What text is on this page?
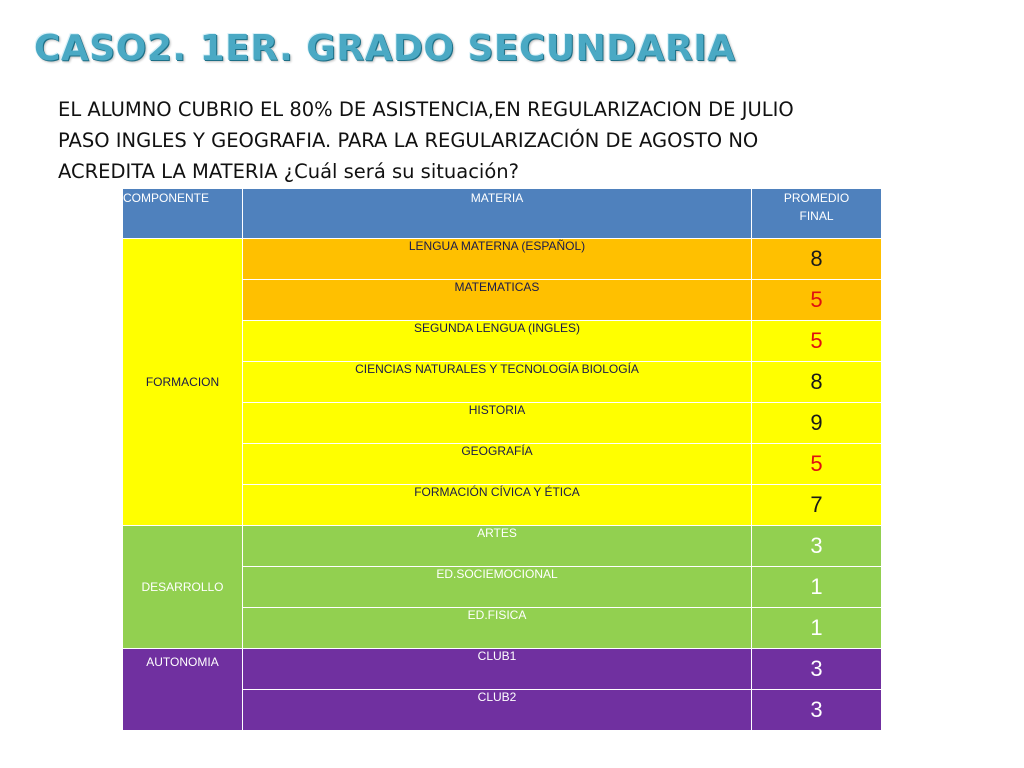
CASO2. 1ER. GRADO SECUNDARIA
EL ALUMNO CUBRIO EL 80% DE ASISTENCIA,EN REGULARIZACION DE JULIO
PASO INGLES Y GEOGRAFIA. PARA LA REGULARIZACIÓN DE AGOSTO NO
ACREDITA LA MATERIA ¿Cuál será su situación?
COMPONENTE	MATERIA	PROMEDIO
FINAL

FORMACION	LENGUA MATERNA (ESPAÑOL)	8
	MATEMATICAS	5
	SEGUNDA LENGUA (INGLES)	5
	CIENCIAS NATURALES Y TECNOLOGÍA BIOLOGÍA	8
	HISTORIA	9
	GEOGRAFÍA	5
	FORMACIÓN CÍVICA Y ÉTICA	7
DESARROLLO	ARTES	3
	ED.SOCIEMOCIONAL	1
	ED.FISICA	1
AUTONOMIA	CLUB1	3
	CLUB2	3
